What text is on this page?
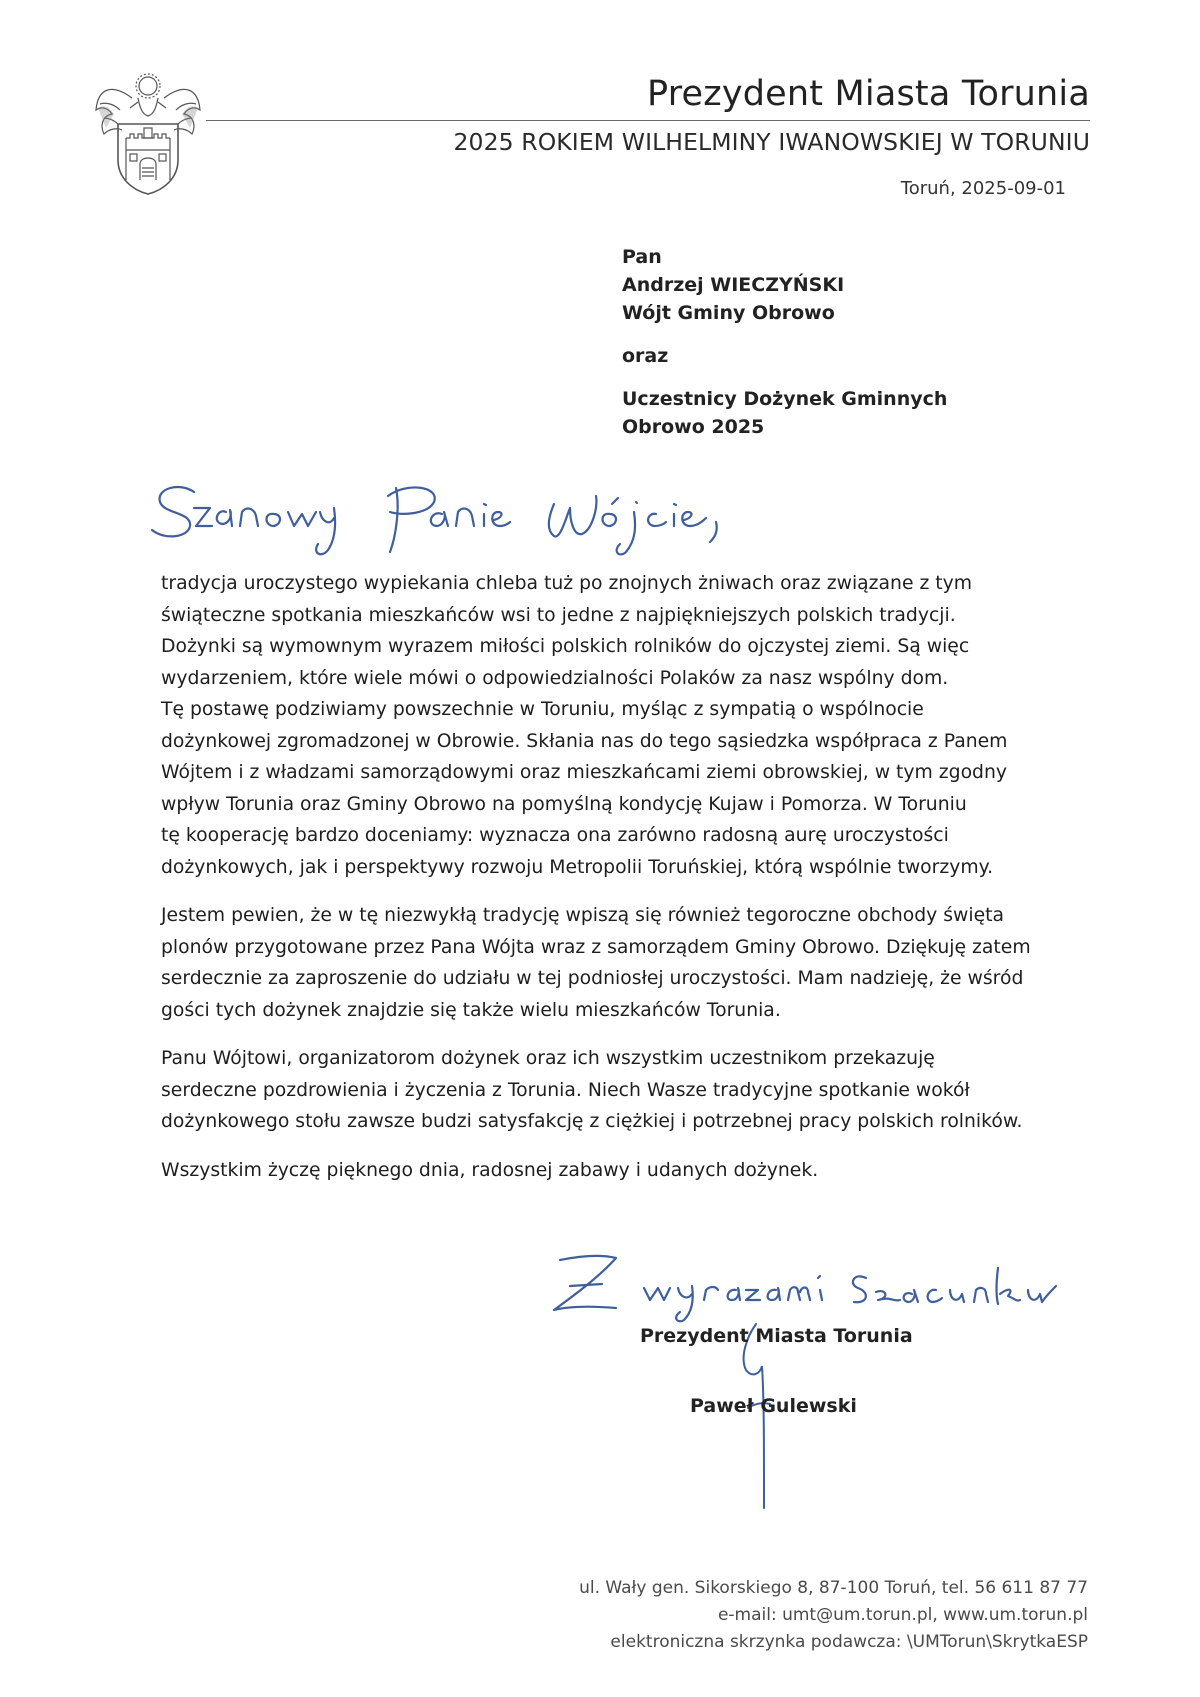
Prezydent Miasta Torunia
2025 ROKIEM WILHELMINY IWANOWSKIEJ W TORUNIU
Toruń, 2025-09-01
Pan
Andrzej WIECZYŃSKI
Wójt Gminy Obrowo
oraz
Uczestnicy Dożynek Gminnych
Obrowo 2025

tradycja uroczystego wypiekania chleba tuż po znojnych żniwach oraz związane z tym
świąteczne spotkania mieszkańców wsi to jedne z najpiękniejszych polskich tradycji.
Dożynki są wymownym wyrazem miłości polskich rolników do ojczystej ziemi. Są więc
wydarzeniem, które wiele mówi o odpowiedzialności Polaków za nasz wspólny dom.
Tę postawę podziwiamy powszechnie w Toruniu, myśląc z sympatią o wspólnocie
dożynkowej zgromadzonej w Obrowie. Skłania nas do tego sąsiedzka współpraca z Panem
Wójtem i z władzami samorządowymi oraz mieszkańcami ziemi obrowskiej, w tym zgodny
wpływ Torunia oraz Gminy Obrowo na pomyślną kondycję Kujaw i Pomorza. W Toruniu
tę kooperację bardzo doceniamy: wyznacza ona zarówno radosną aurę uroczystości
dożynkowych, jak i perspektywy rozwoju Metropolii Toruńskiej, którą wspólnie tworzymy.

Jestem pewien, że w tę niezwykłą tradycję wpiszą się również tegoroczne obchody święta
plonów przygotowane przez Pana Wójta wraz z samorządem Gminy Obrowo. Dziękuję zatem
serdecznie za zaproszenie do udziału w tej podniosłej uroczystości. Mam nadzieję, że wśród
gości tych dożynek znajdzie się także wielu mieszkańców Torunia.

Panu Wójtowi, organizatorom dożynek oraz ich wszystkim uczestnikom przekazuję
serdeczne pozdrowienia i życzenia z Torunia. Niech Wasze tradycyjne spotkanie wokół
dożynkowego stołu zawsze budzi satysfakcję z ciężkiej i potrzebnej pracy polskich rolników.

Wszystkim życzę pięknego dnia, radosnej zabawy i udanych dożynek.

Prezydent Miasta Torunia
Paweł Gulewski
ul. Wały gen. Sikorskiego 8, 87-100 Toruń, tel. 56 611 87 77
e-mail: umt@um.torun.pl, www.um.torun.pl
elektroniczna skrzynka podawcza: \UMTorun\SkrytkaESP
